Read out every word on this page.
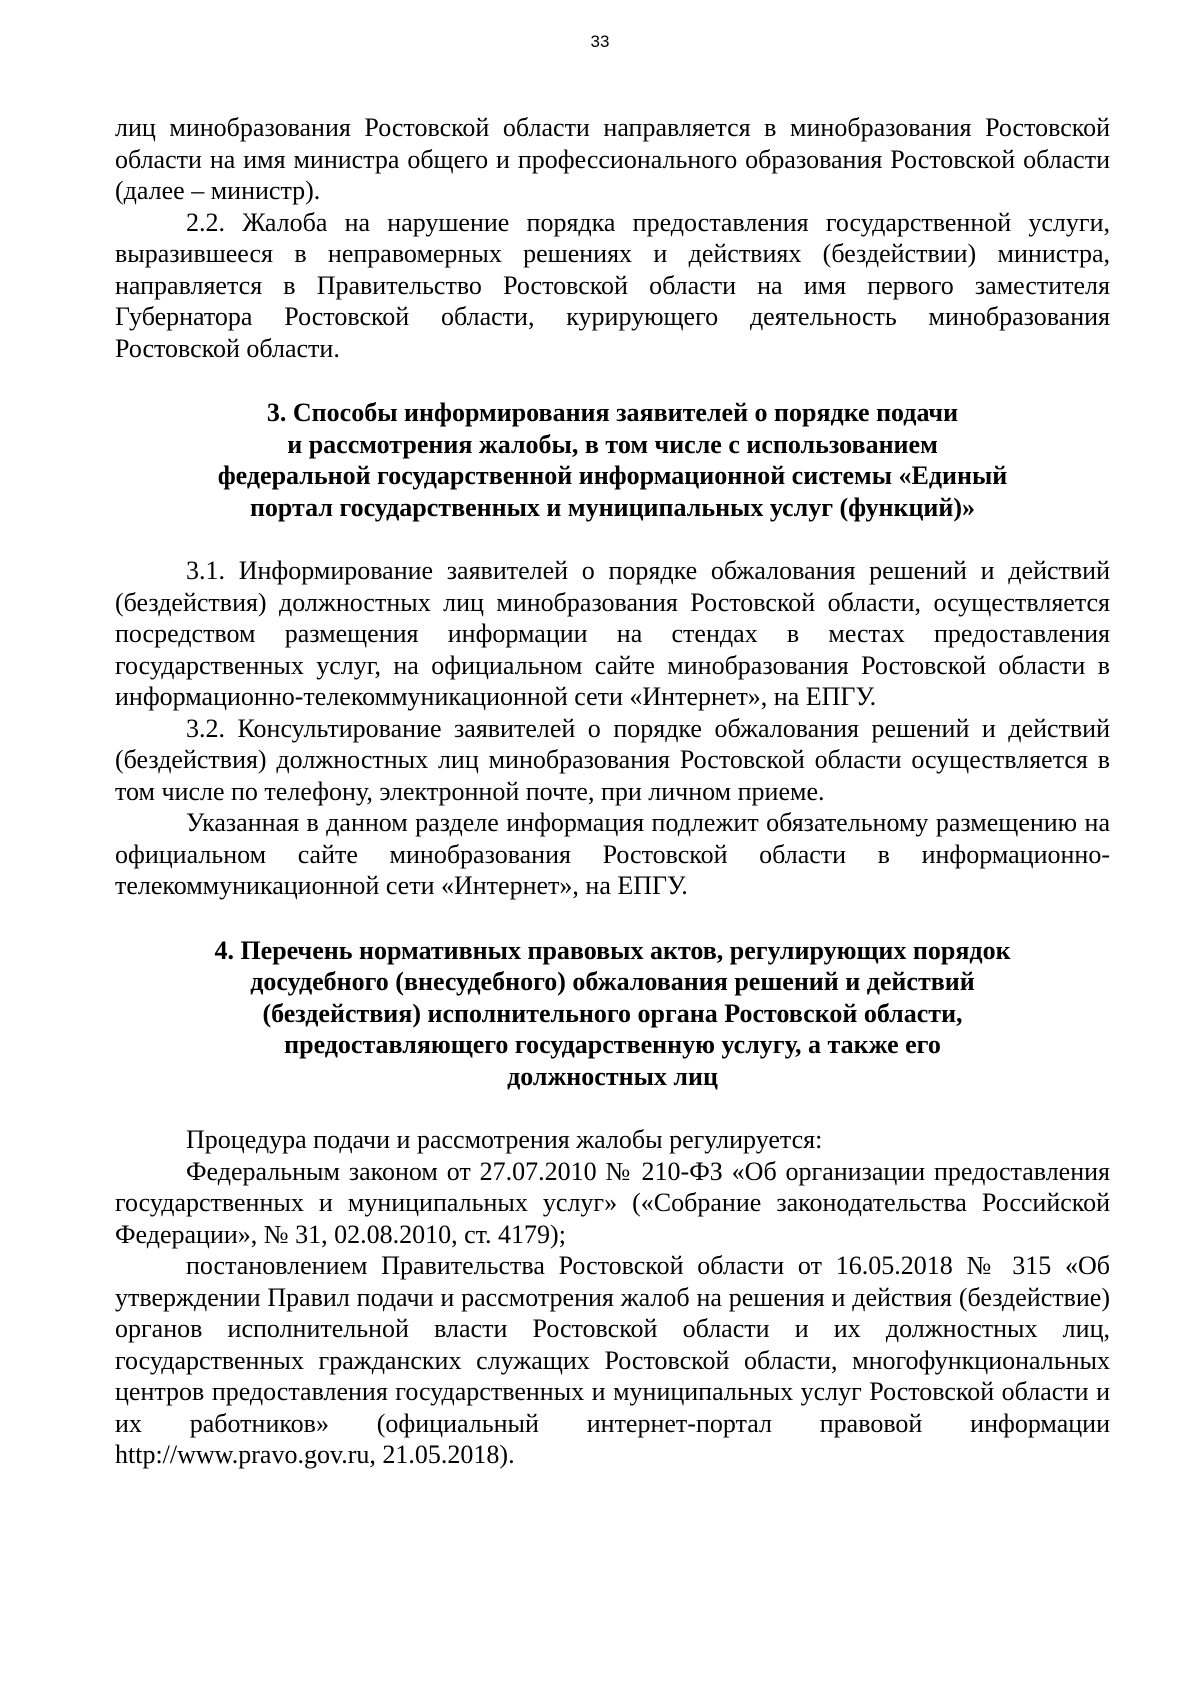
33

лиц минобразования Ростовской области направляется в минобразования Ростовской области на имя министра общего и профессионального образования Ростовской области (далее – министр).

2.2. Жалоба на нарушение порядка предоставления государственной услуги, выразившееся в неправомерных решениях и действиях (бездействии) министра, направляется в Правительство Ростовской области на имя первого заместителя Губернатора Ростовской области, курирующего деятельность минобразования Ростовской области.

3. Способы информирования заявителей о порядке подачи
и рассмотрения жалобы, в том числе с использованием
федеральной государственной информационной системы «Единый
портал государственных и муниципальных услуг (функций)»

3.1. Информирование заявителей о порядке обжалования решений и действий (бездействия) должностных лиц минобразования Ростовской области, осуществляется посредством размещения информации на стендах в местах предоставления государственных услуг, на официальном сайте минобразования Ростовской области в информационно-телекоммуникационной сети «Интернет», на ЕПГУ.

3.2. Консультирование заявителей о порядке обжалования решений и действий (бездействия) должностных лиц минобразования Ростовской области осуществляется в том числе по телефону, электронной почте, при личном приеме.

Указанная в данном разделе информация подлежит обязательному размещению на официальном сайте минобразования Ростовской области в информационно-телекоммуникационной сети «Интернет», на ЕПГУ.

4. Перечень нормативных правовых актов, регулирующих порядок
досудебного (внесудебного) обжалования решений и действий
(бездействия) исполнительного органа Ростовской области,
предоставляющего государственную услугу, а также его
должностных лиц

Процедура подачи и рассмотрения жалобы регулируется:

Федеральным законом от 27.07.2010 № 210-ФЗ «Об организации предоставления государственных и муниципальных услуг» («Собрание законодательства Российской Федерации», № 31, 02.08.2010, ст. 4179);

постановлением Правительства Ростовской области от 16.05.2018 № 315 «Об утверждении Правил подачи и рассмотрения жалоб на решения и действия (бездействие) органов исполнительной власти Ростовской области и их должностных лиц, государственных гражданских служащих Ростовской области, многофункциональных центров предоставления государственных и муниципальных услуг Ростовской области и их работников» (официальный интернет-портал правовой информации http://www.pravo.gov.ru, 21.05.2018).
